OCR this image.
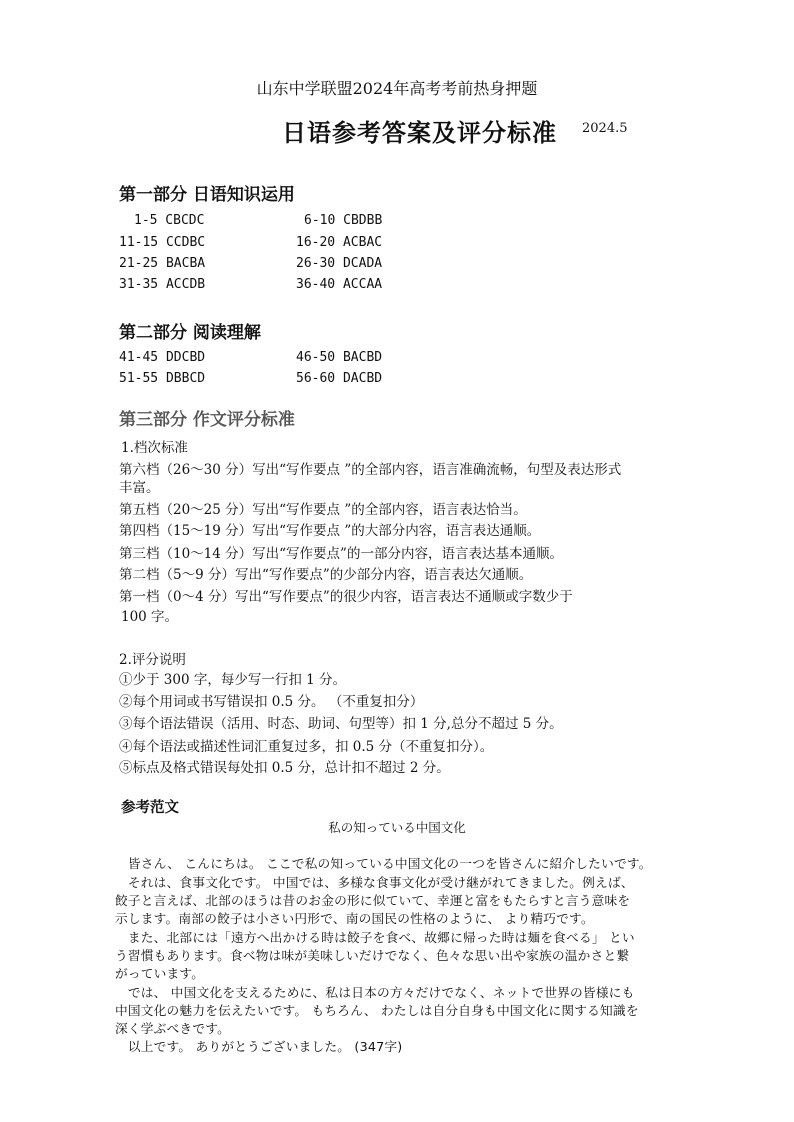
山东中学联盟2024年高考考前热身押题
日语参考答案及评分标准 2024.5
第一部分 日语知识运用
1-5 CBCDC	6-10 CBDBB
11-15 CCDBC	16-20 ACBAC
21-25 BACBA	26-30 DCADA
31-35 ACCDB	36-40 ACCAA
第二部分 阅读理解
41-45 DDCBD	46-50 BACBD
51-55 DBBCD	56-60 DACBD
第三部分 作文评分标准
1.档次标准
第六档（26～30 分）写出“写作要点 ”的全部内容，语言准确流畅，句型及表达形式
丰富。
第五档（20～25 分）写出“写作要点 ”的全部内容，语言表达恰当。
第四档（15～19 分）写出“写作要点 ”的大部分内容，语言表达通顺。
第三档（10～14 分）写出“写作要点”的一部分内容，语言表达基本通顺。
第二档（5～9 分）写出“写作要点”的少部分内容，语言表达欠通顺。
第一档（0～4 分）写出“写作要点”的很少内容，语言表达不通顺或字数少于
100 字。
2.评分说明
①少于 300 字，每少写一行扣 1 分。
②每个用词或书写错误扣 0.5 分。 （不重复扣分）
③每个语法错误（活用、时态、助词、句型等）扣 1 分,总分不超过 5 分。
④每个语法或描述性词汇重复过多，扣 0.5 分（不重复扣分）。
⑤标点及格式错误每处扣 0.5 分，总计扣不超过 2 分。
参考范文
私の知っている中国文化
　皆さん、 こんにちは。 ここで私の知っている中国文化の一つを皆さんに紹介したいです。
　それは、食事文化です。 中国では、多様な食事文化が受け継がれてきました。例えば、
餃子と言えば、北部のほうは昔のお金の形に似ていて、幸運と富をもたらすと言う意味を
示します。南部の餃子は小さい円形で、南の国民の性格のように、 より精巧です。
　また、北部には「遠方へ出かける時は餃子を食べ、故郷に帰った時は麺を食べる」 とい
う習慣もあります。食べ物は味が美味しいだけでなく、色々な思い出や家族の温かさと繋
がっています。
　では、 中国文化を支えるために、私は日本の方々だけでなく、ネットで世界の皆様にも
中国文化の魅力を伝えたいです。 もちろん、 わたしは自分自身も中国文化に関する知識を
深く学ぶべきです。
　以上です。 ありがとうございました。 (347字)
